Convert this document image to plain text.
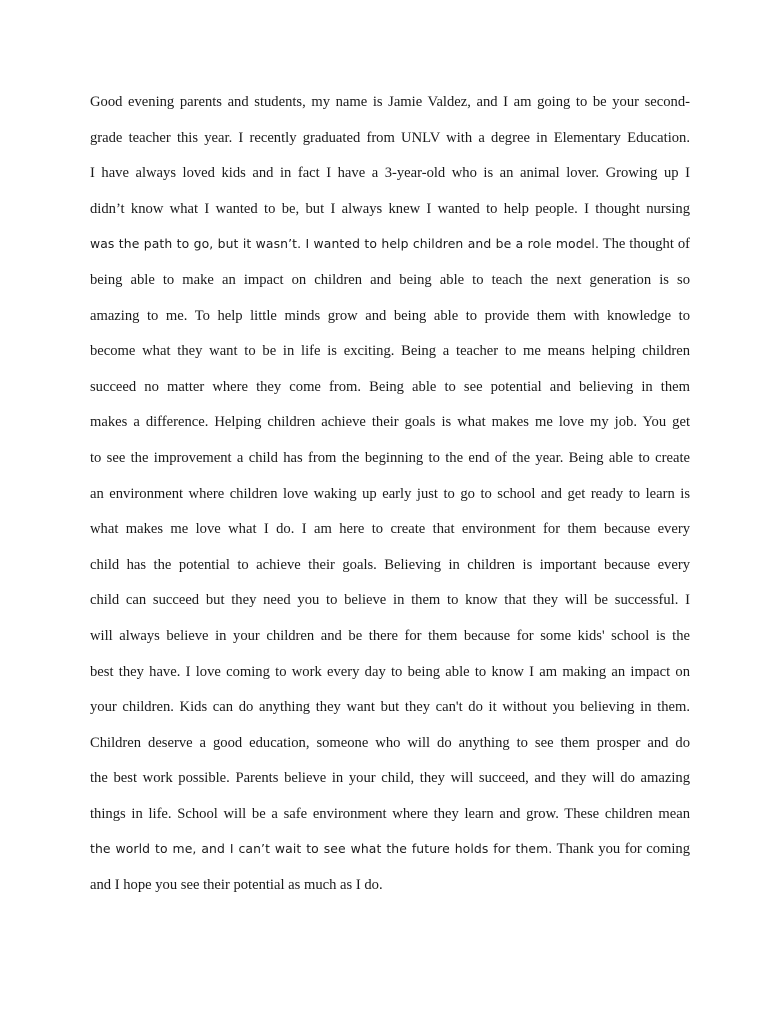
Good evening parents and students, my name is Jamie Valdez, and I am going to be your second-
grade teacher this year. I recently graduated from UNLV with a degree in Elementary Education.
I have always loved kids and in fact I have a 3-year-old who is an animal lover. Growing up I
didn’t know what I wanted to be, but I always knew I wanted to help people. I thought nursing
was the path to go, but it wasn’t. I wanted to help children and be a role model. The thought of
being able to make an impact on children and being able to teach the next generation is so
amazing to me. To help little minds grow and being able to provide them with knowledge to
become what they want to be in life is exciting. Being a teacher to me means helping children
succeed no matter where they come from. Being able to see potential and believing in them
makes a difference. Helping children achieve their goals is what makes me love my job. You get
to see the improvement a child has from the beginning to the end of the year. Being able to create
an environment where children love waking up early just to go to school and get ready to learn is
what makes me love what I do. I am here to create that environment for them because every
child has the potential to achieve their goals. Believing in children is important because every
child can succeed but they need you to believe in them to know that they will be successful. I
will always believe in your children and be there for them because for some kids' school is the
best they have. I love coming to work every day to being able to know I am making an impact on
your children. Kids can do anything they want but they can't do it without you believing in them.
Children deserve a good education, someone who will do anything to see them prosper and do
the best work possible. Parents believe in your child, they will succeed, and they will do amazing
things in life. School will be a safe environment where they learn and grow. These children mean
the world to me, and I can’t wait to see what the future holds for them. Thank you for coming
and I hope you see their potential as much as I do.
